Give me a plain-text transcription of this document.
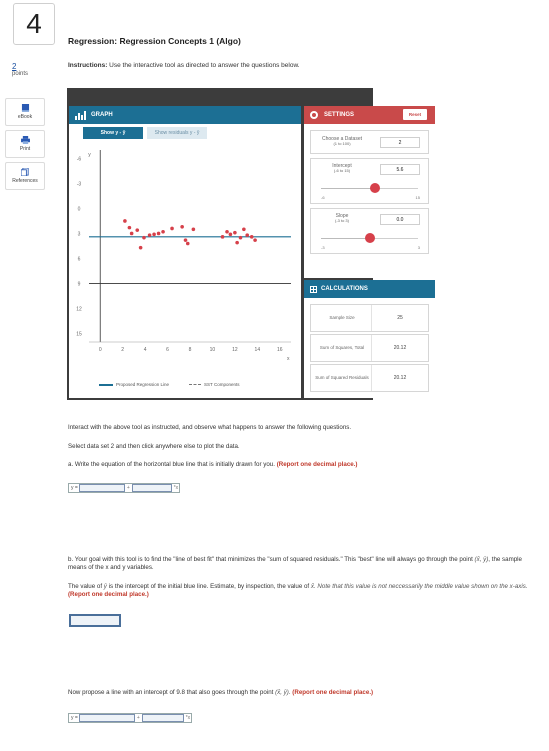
4
2
points
eBook
Print
References
Regression: Regression Concepts 1 (Algo)
Instructions: Use the interactive tool as directed to answer the questions below.
GRAPH
Show y - ȳ	Show residuals y - ŷ
15
12
9
6
3
0
-3
-6
0	2	4	6	8	10	12	14	16
y
x
Proposed Regression Line	SST Components
SETTINGS	Reset
Choose a Dataset
(1 to 100)	2
Intercept
(-6 to 15)	5.6
-6	15
Slope
(-3 to 3)	0.0
-3	3
CALCULATIONS
Sample Size	25
Sum of Squares, Total	20.12
Sum of Squared Residuals	20.12
Interact with the above tool as instructed, and observe what happens to answer the following questions.
Select data set 2 and then click anywhere else to plot the data.
a. Write the equation of the horizontal blue line that is initially drawn for you. (Report one decimal place.)
y =	+	*x
b. Your goal with this tool is to find the "line of best fit" that minimizes the "sum of squared residuals." This "best" line will always go through the point (x̄, ȳ), the sample means of the x and y variables.
The value of ȳ is the intercept of the initial blue line. Estimate, by inspection, the value of x̄. Note that this value is not neccessarily the middle value shown on the x-axis. (Report one decimal place.)
Now propose a line with an intercept of 9.8 that also goes through the point (x̄, ȳ). (Report one decimal place.)
y =	+	*x
